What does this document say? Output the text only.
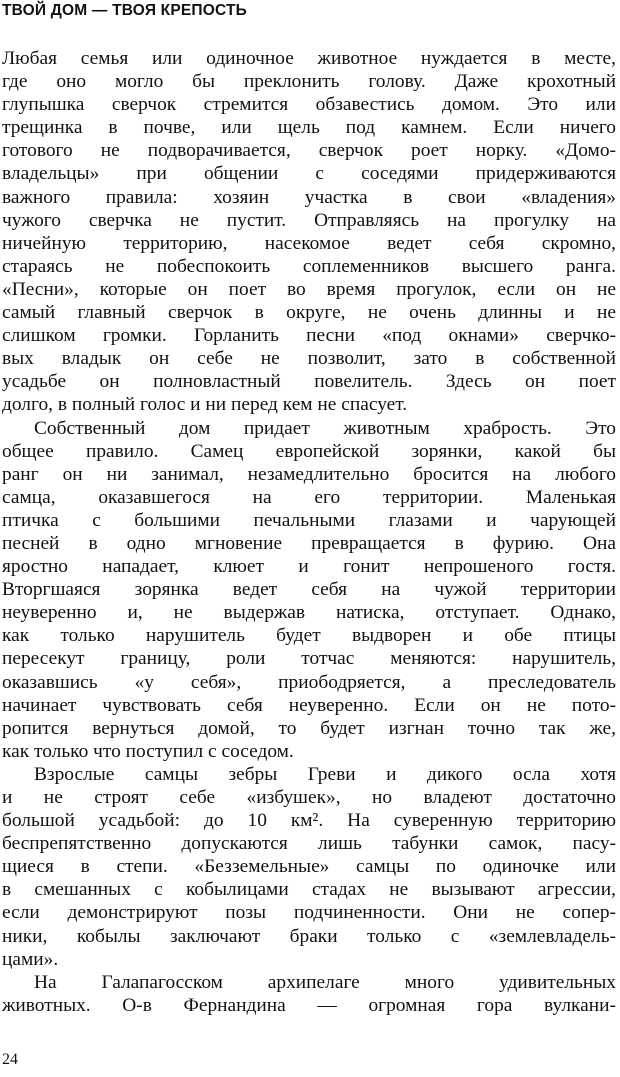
ТВОЙ ДОМ — ТВОЯ КРЕПОСТЬ
Любая семья или одиночное животное нуждается в месте,
где оно могло бы преклонить голову. Даже крохотный
глупышка сверчок стремится обзавестись домом. Это или
трещинка в почве, или щель под камнем. Если ничего
готового не подворачивается, сверчок роет норку. «Домо-
владельцы» при общении с соседями придерживаются
важного правила: хозяин участка в свои «владения»
чужого сверчка не пустит. Отправляясь на прогулку на
ничейную территорию, насекомое ведет себя скромно,
стараясь не побеспокоить соплеменников высшего ранга.
«Песни», которые он поет во время прогулок, если он не
самый главный сверчок в округе, не очень длинны и не
слишком громки. Горланить песни «под окнами» сверчко-
вых владык он себе не позволит, зато в собственной
усадьбе он полновластный повелитель. Здесь он поет
долго, в полный голос и ни перед кем не спасует.
Собственный дом придает животным храбрость. Это
общее правило. Самец европейской зорянки, какой бы
ранг он ни занимал, незамедлительно бросится на любого
самца, оказавшегося на его территории. Маленькая
птичка с большими печальными глазами и чарующей
песней в одно мгновение превращается в фурию. Она
яростно нападает, клюет и гонит непрошеного гостя.
Вторгшаяся зорянка ведет себя на чужой территории
неуверенно и, не выдержав натиска, отступает. Однако,
как только нарушитель будет выдворен и обе птицы
пересекут границу, роли тотчас меняются: нарушитель,
оказавшись «у себя», приободряется, а преследователь
начинает чувствовать себя неуверенно. Если он не пото-
ропится вернуться домой, то будет изгнан точно так же,
как только что поступил с соседом.
Взрослые самцы зебры Греви и дикого осла хотя
и не строят себе «избушек», но владеют достаточно
большой усадьбой: до 10 км². На суверенную территорию
беспрепятственно допускаются лишь табунки самок, пасу-
щиеся в степи. «Безземельные» самцы по одиночке или
в смешанных с кобылицами стадах не вызывают агрессии,
если демонстрируют позы подчиненности. Они не сопер-
ники, кобылы заключают браки только с «землевладель-
цами».
На Галапагосском архипелаге много удивительных
животных. О-в Фернандина — огромная гора вулкани-
24
